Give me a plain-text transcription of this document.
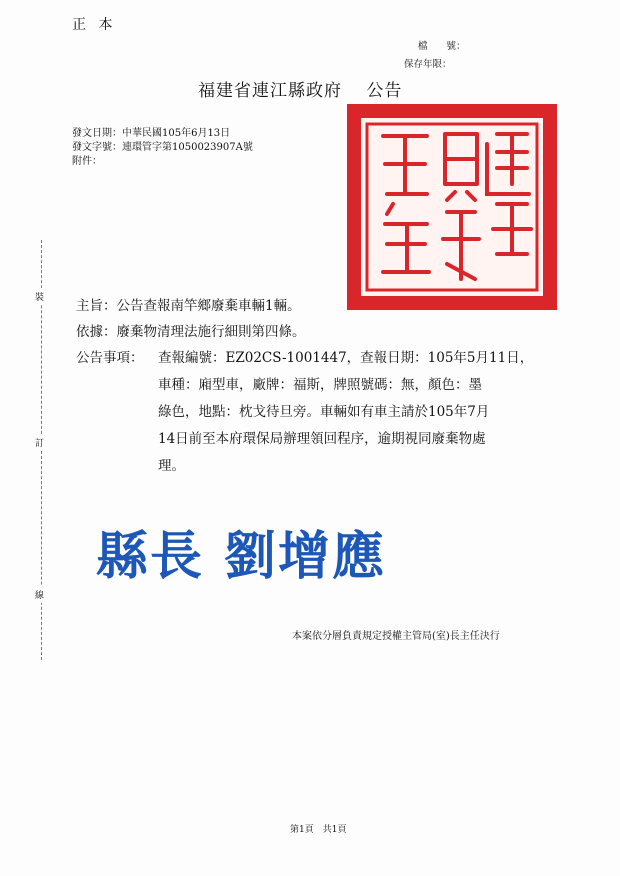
正 本
檔　　號：
保存年限：
福建省連江縣政府　 公告
發文日期：中華民國105年6月13日
發文字號：連環管字第1050023907A號
附件：
裝
訂
線
主旨：公告查報南竿鄉廢棄車輛1輛。
依據：廢棄物清理法施行細則第四條。
公告事項： 查報編號：EZ02CS-1001447，查報日期：105年5月11日，
車種：廂型車，廠牌：福斯，牌照號碼：無，顏色：墨
綠色，地點：枕戈待旦旁。車輛如有車主請於105年7月
14日前至本府環保局辦理領回程序，逾期視同廢棄物處
理。
縣長 劉增應
本案依分層負責規定授權主管局(室)長主任決行
第1頁　共1頁
